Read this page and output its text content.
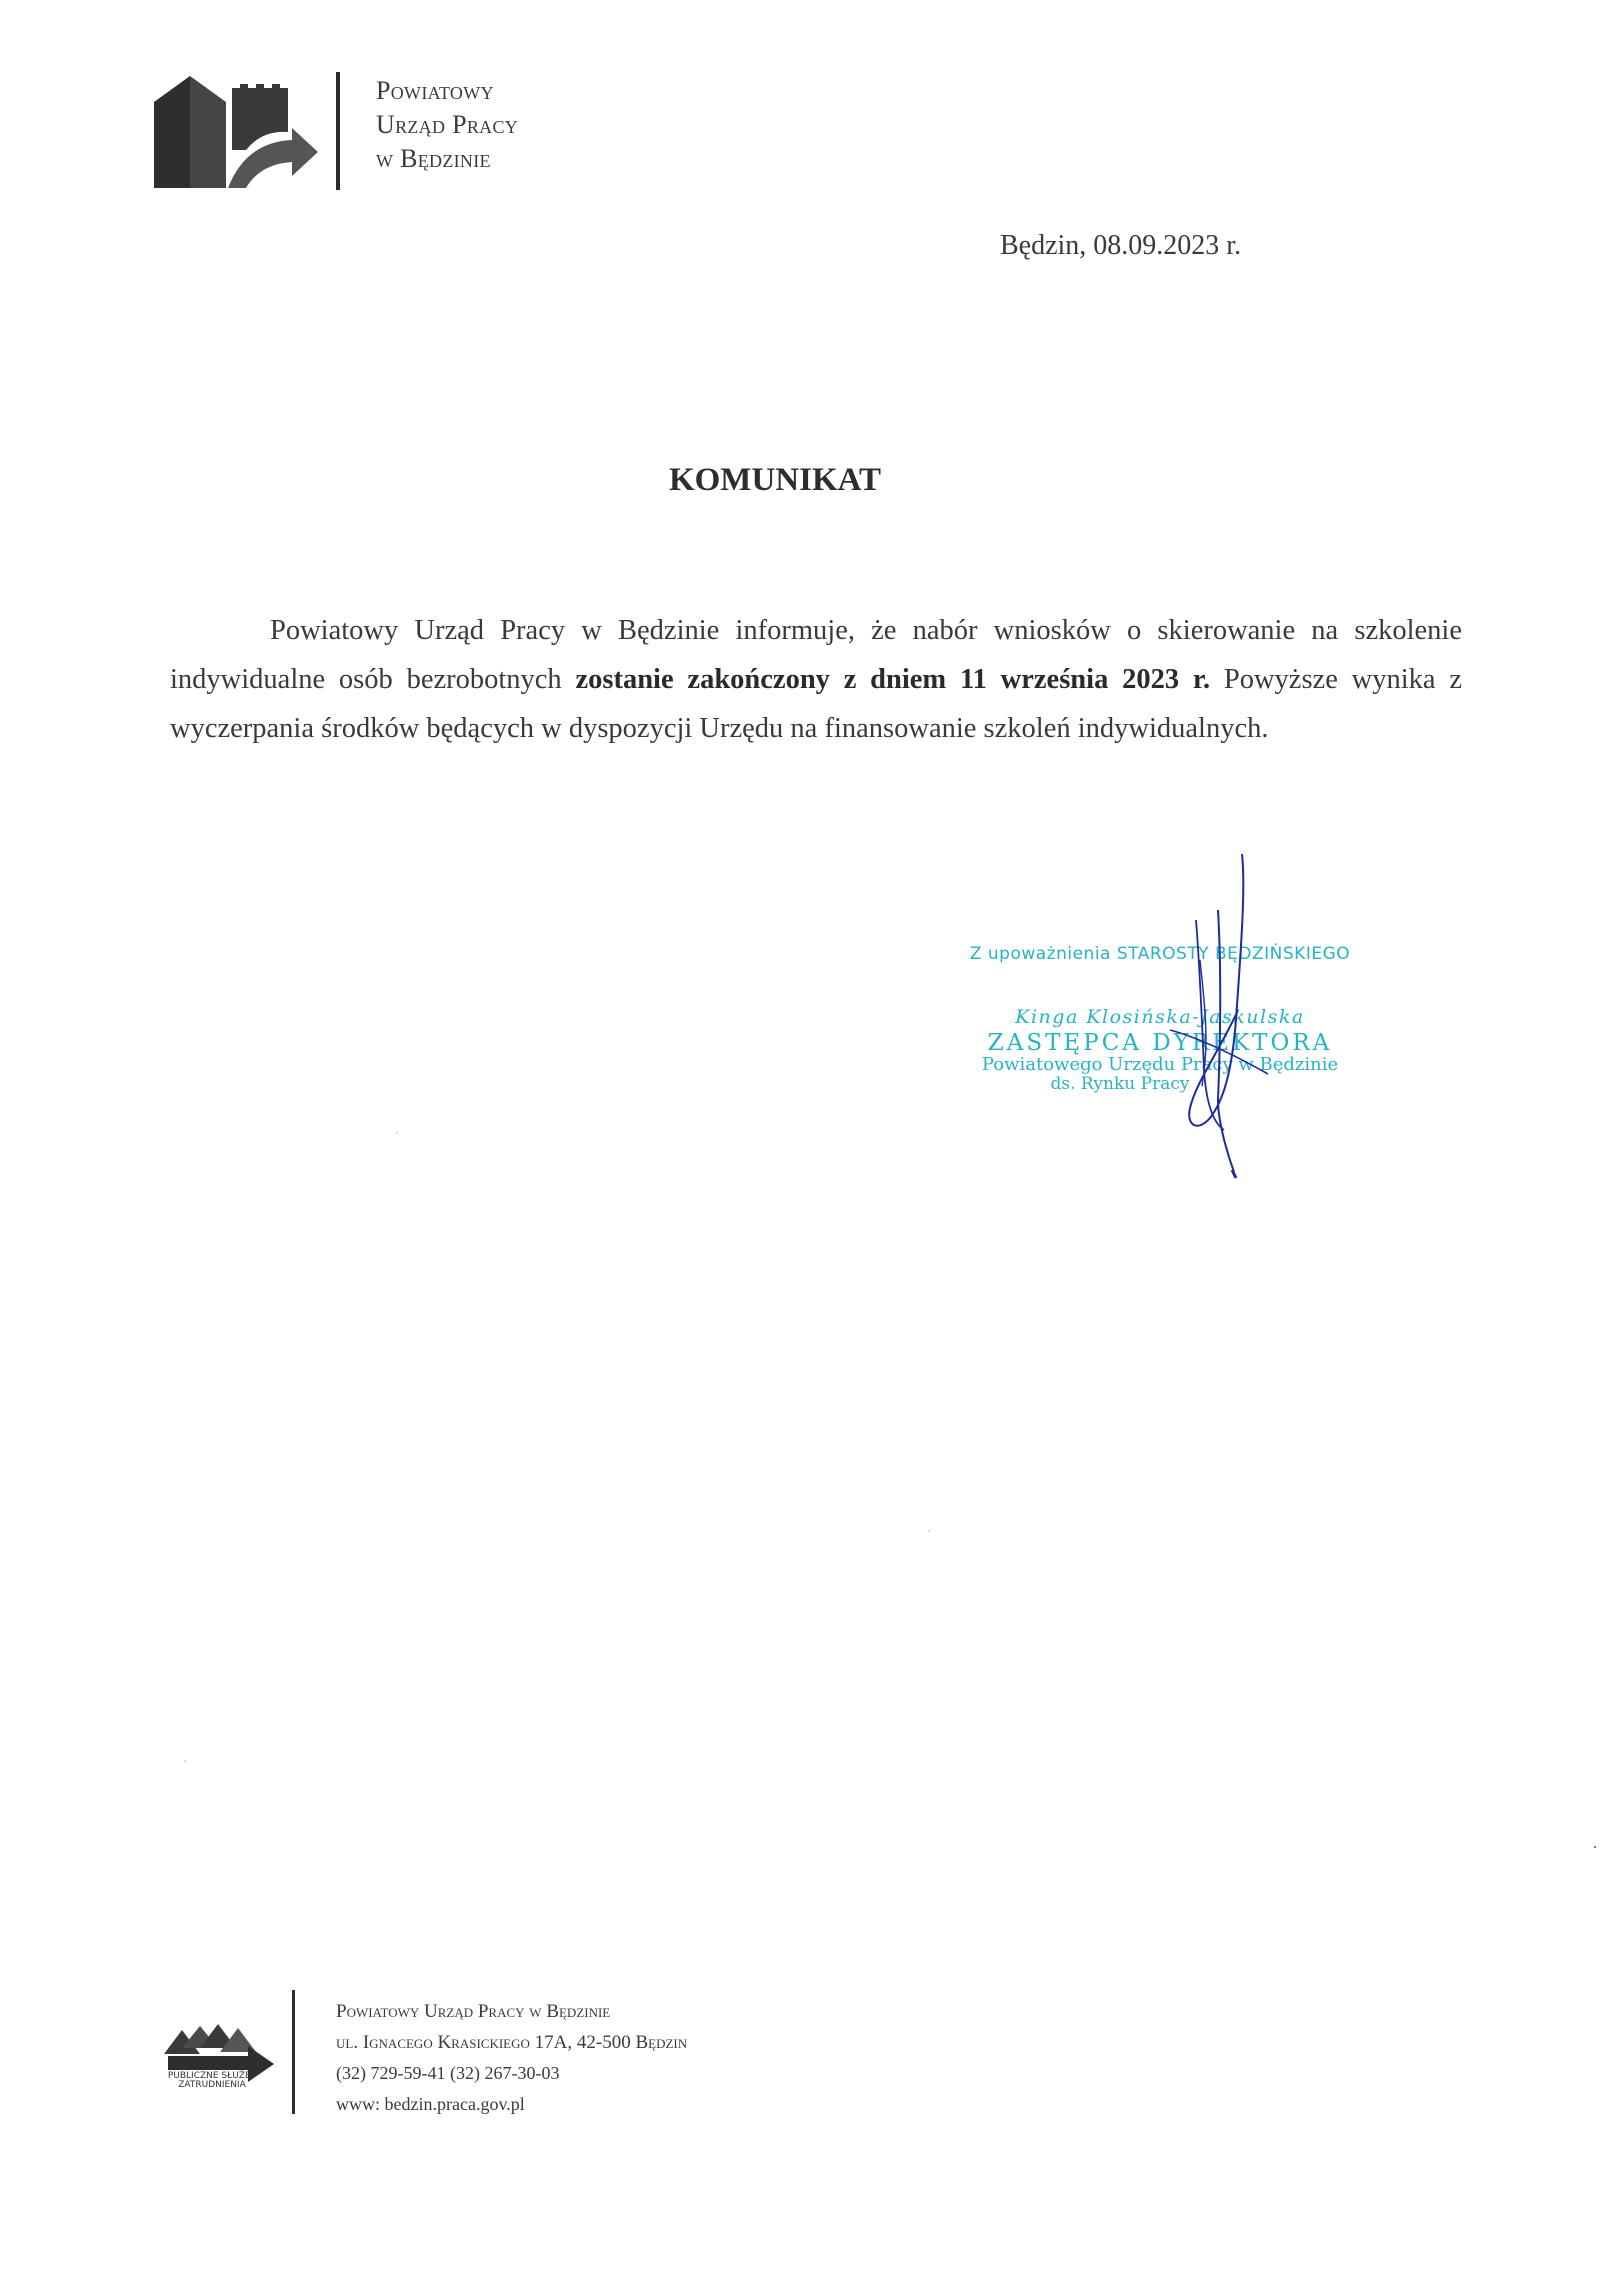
Powiatowy
Urząd Pracy
w Będzinie
Będzin, 08.09.2023 r.
KOMUNIKAT
Powiatowy Urząd Pracy w Będzinie informuje, że nabór wniosków o skierowanie na szkolenie indywidualne osób bezrobotnych zostanie zakończony z dniem 11 września 2023 r. Powyższe wynika z wyczerpania środków będących w dyspozycji Urzędu na finansowanie szkoleń indywidualnych.
Z upoważnienia STAROSTY BĘDZIŃSKIEGO
Kinga Klosińska-Jaskulska
ZASTĘPCA DYREKTORA
Powiatowego Urzędu Pracy w Będzinie
ds. Rynku Pracy
PUBLICZNE SŁUŻBY ZATRUDNIENIA
Powiatowy Urząd Pracy w Będzinie
ul. Ignacego Krasickiego 17A, 42-500 Będzin
(32) 729-59-41 (32) 267-30-03
www: bedzin.praca.gov.pl
